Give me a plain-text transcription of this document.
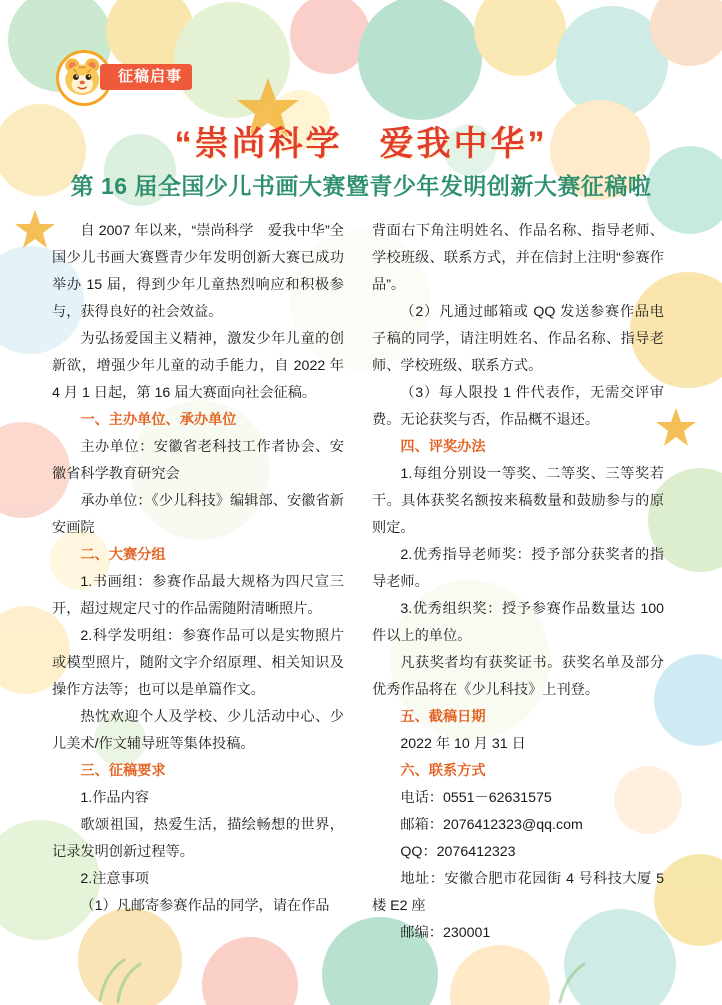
征稿启事
“崇尚科学　爱我中华”
第 16 届全国少儿书画大赛暨青少年发明创新大赛征稿啦

自 2007 年以来，“崇尚科学　爱我中华”全国少儿书画大赛暨青少年发明创新大赛已成功举办 15 届，得到少年儿童热烈响应和积极参与，获得良好的社会效益。

为弘扬爱国主义精神，激发少年儿童的创新欲，增强少年儿童的动手能力，自 2022 年 4 月 1 日起，第 16 届大赛面向社会征稿。

一、主办单位、承办单位

主办单位：安徽省老科技工作者协会、安徽省科学教育研究会

承办单位：《少儿科技》编辑部、安徽省新安画院

二、大赛分组

1.书画组：参赛作品最大规格为四尺宣三开，超过规定尺寸的作品需随附清晰照片。

2.科学发明组：参赛作品可以是实物照片或模型照片，随附文字介绍原理、相关知识及操作方法等；也可以是单篇作文。

热忱欢迎个人及学校、少儿活动中心、少儿美术/作文辅导班等集体投稿。

三、征稿要求

1.作品内容

歌颂祖国，热爱生活，描绘畅想的世界，记录发明创新过程等。

2.注意事项

（1）凡邮寄参赛作品的同学，请在作品

背面右下角注明姓名、作品名称、指导老师、学校班级、联系方式，并在信封上注明“参赛作品”。

（2）凡通过邮箱或 QQ 发送参赛作品电子稿的同学，请注明姓名、作品名称、指导老师、学校班级、联系方式。

（3）每人限投 1 件代表作，无需交评审费。无论获奖与否，作品概不退还。

四、评奖办法

1.每组分别设一等奖、二等奖、三等奖若干。具体获奖名额按来稿数量和鼓励参与的原则定。

2.优秀指导老师奖：授予部分获奖者的指导老师。

3.优秀组织奖：授予参赛作品数量达 100 件以上的单位。

凡获奖者均有获奖证书。获奖名单及部分优秀作品将在《少儿科技》上刊登。

五、截稿日期

2022 年 10 月 31 日

六、联系方式

电话：0551－62631575

邮箱：2076412323@qq.com

QQ：2076412323

地址：安徽合肥市花园街 4 号科技大厦 5 楼 E2 座

邮编：230001
